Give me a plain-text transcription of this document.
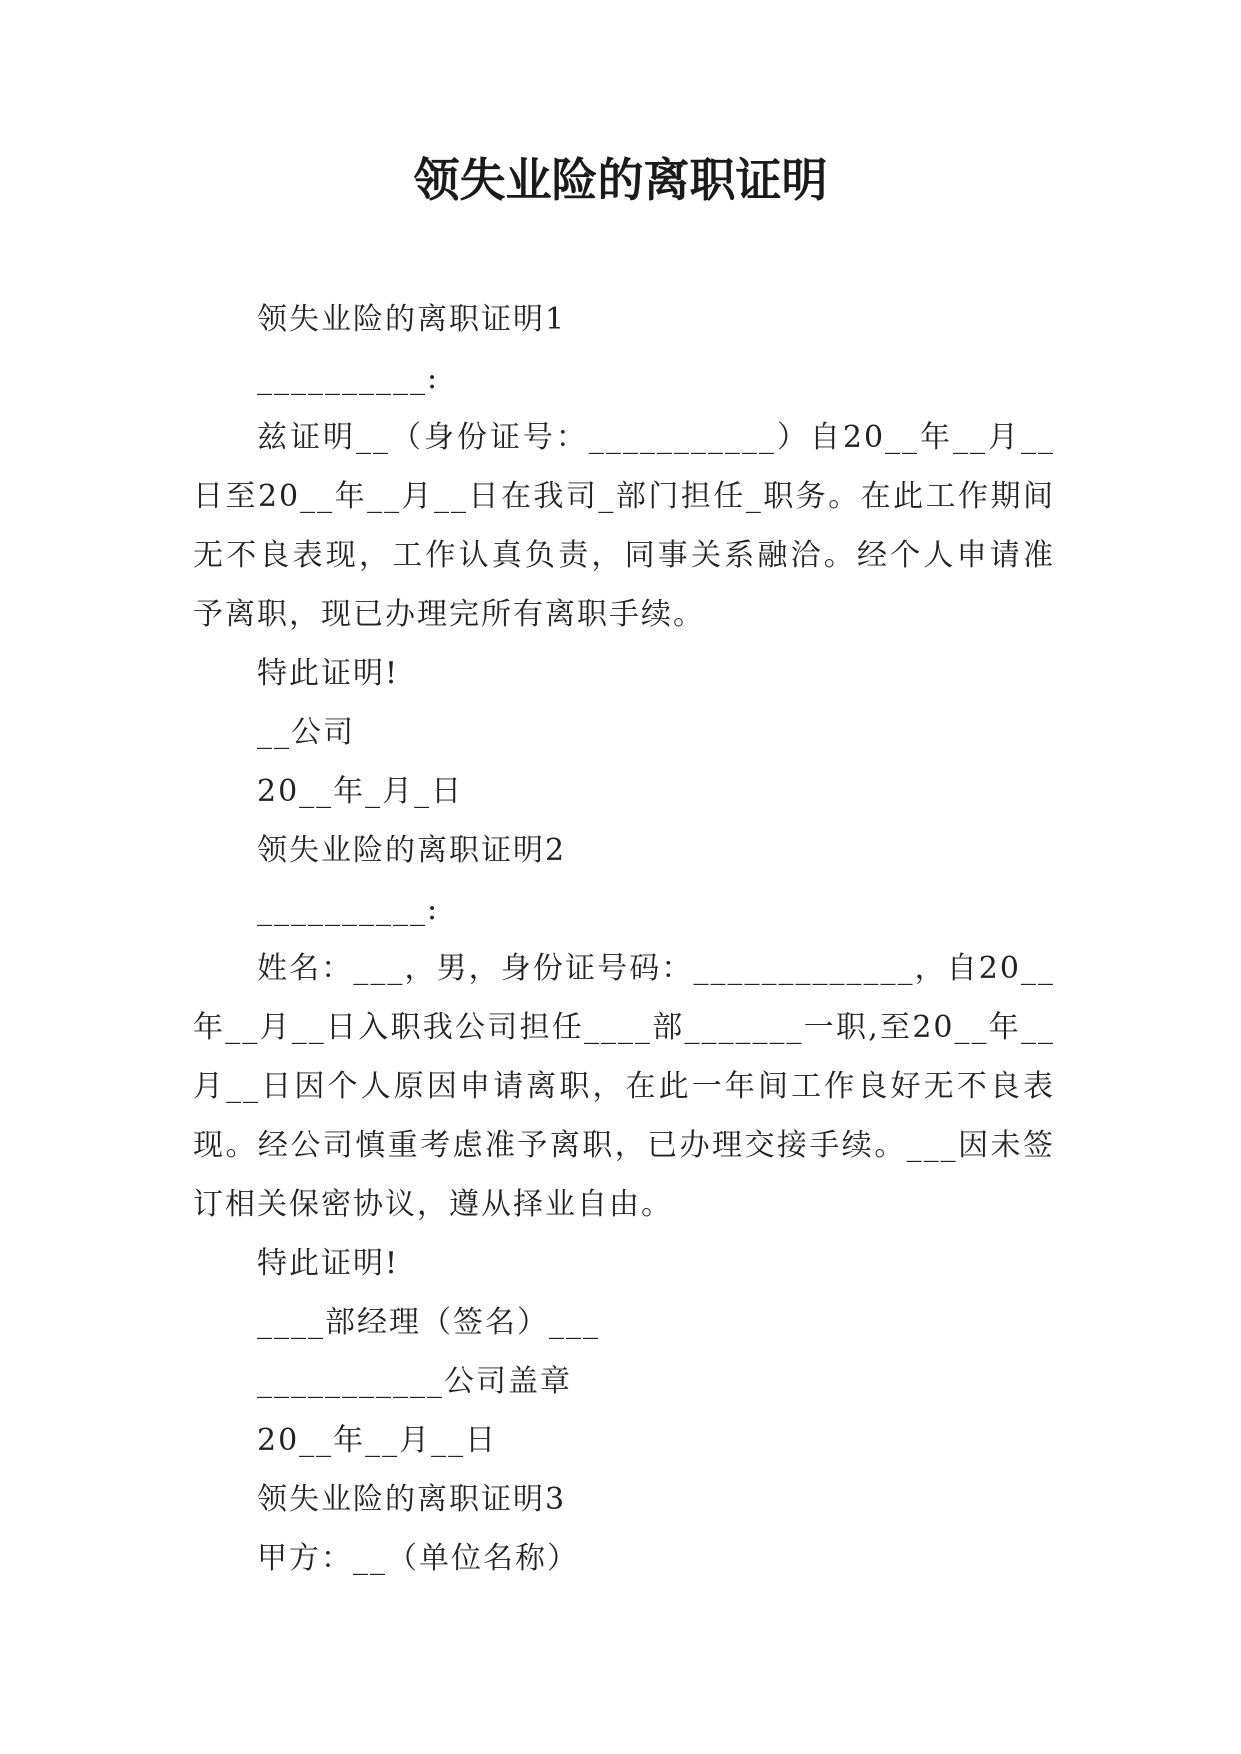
领失业险的离职证明

领失业险的离职证明1

__________:

兹证明__（身份证号：___________）自20__年__月__日至20__年__月__日在我司_部门担任_职务。在此工作期间无不良表现，工作认真负责，同事关系融洽。经个人申请准予离职，现已办理完所有离职手续。

特此证明!

__公司

20__年_月_日

领失业险的离职证明2

__________:

姓名：___，男，身份证号码：_____________，自20__年__月__日入职我公司担任____部_______一职,至20__年__月__日因个人原因申请离职，在此一年间工作良好无不良表现。经公司慎重考虑准予离职，已办理交接手续。___因未签订相关保密协议，遵从择业自由。

特此证明!

____部经理（签名）___

___________公司盖章

20__年__月__日

领失业险的离职证明3

甲方：__（单位名称）
